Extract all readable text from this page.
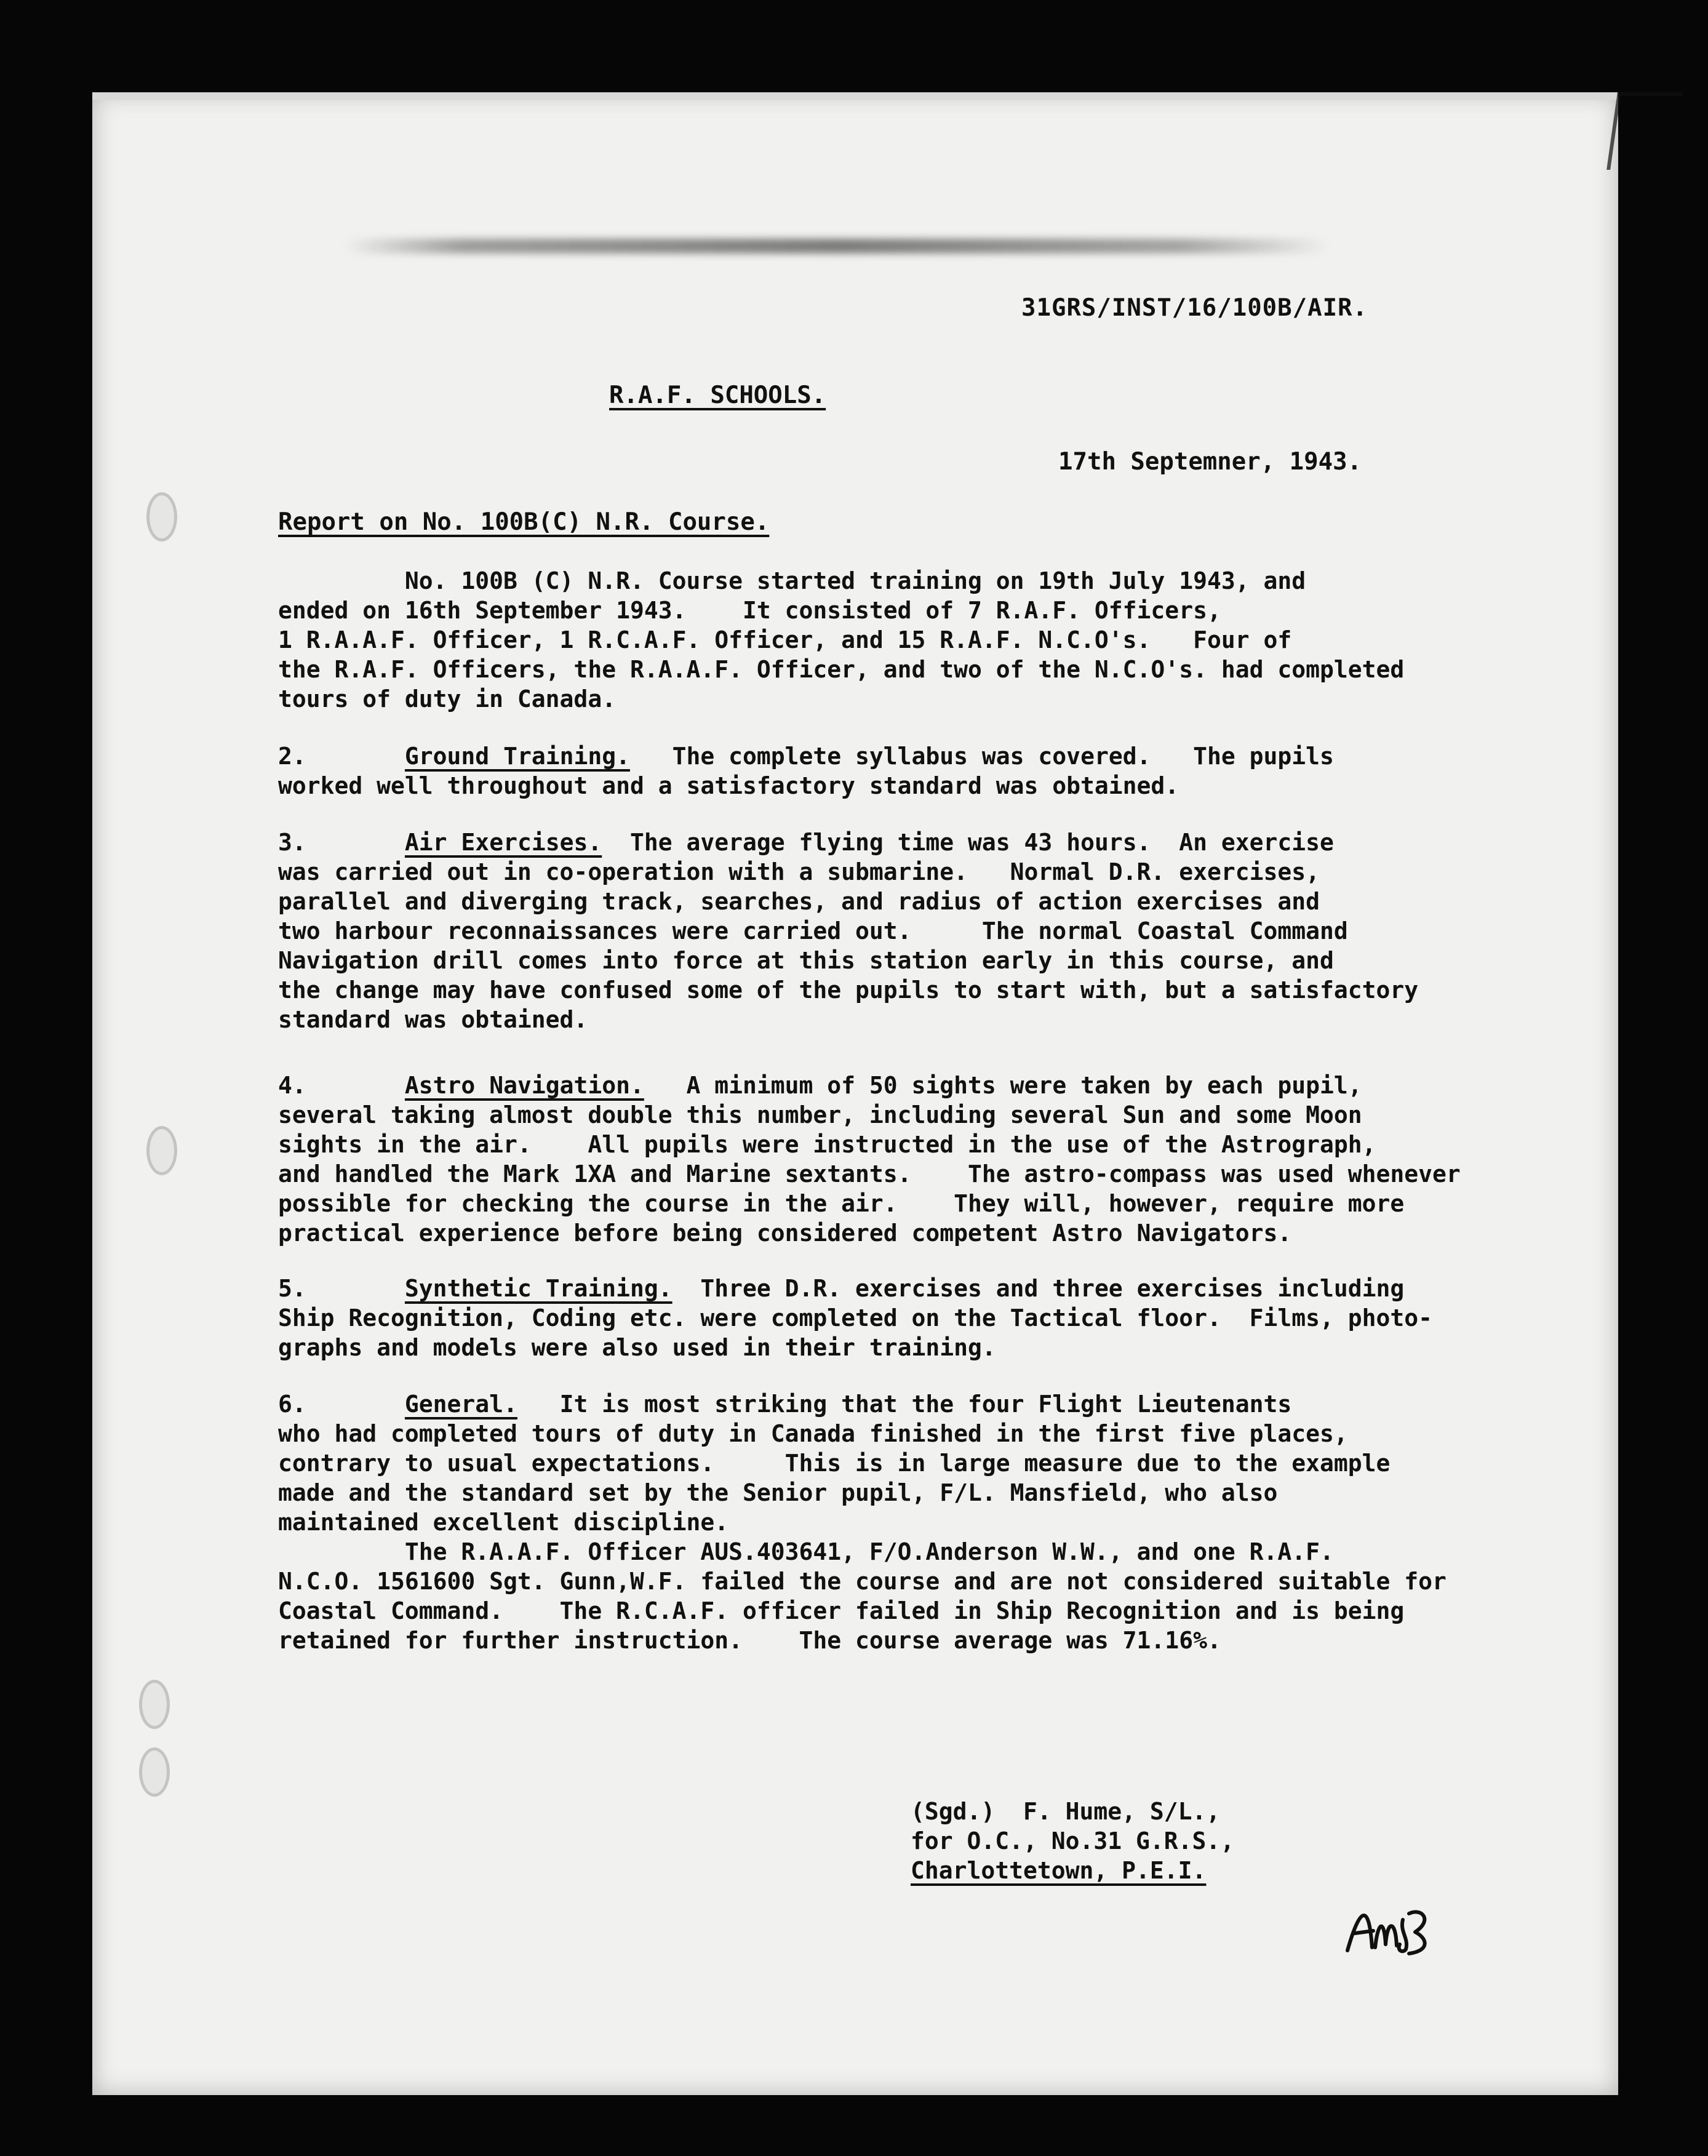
31GRS/INST/16/100B/AIR.
R.A.F. SCHOOLS.
17th Septemner, 1943.
Report on No. 100B(C) N.R. Course.
No. 100B (C) N.R. Course started training on 19th July 1943, and
ended on 16th September 1943.    It consisted of 7 R.A.F. Officers,
1 R.A.A.F. Officer, 1 R.C.A.F. Officer, and 15 R.A.F. N.C.O's.   Four of
the R.A.F. Officers, the R.A.A.F. Officer, and two of the N.C.O's. had completed
tours of duty in Canada.
2.	Ground Training.   The complete syllabus was covered.   The pupils
worked well throughout and a satisfactory standard was obtained.
3.	Air Exercises.  The average flying time was 43 hours.  An exercise
was carried out in co-operation with a submarine.   Normal D.R. exercises,
parallel and diverging track, searches, and radius of action exercises and
two harbour reconnaissances were carried out.     The normal Coastal Command
Navigation drill comes into force at this station early in this course, and
the change may have confused some of the pupils to start with, but a satisfactory
standard was obtained.
4.	Astro Navigation.   A minimum of 50 sights were taken by each pupil,
several taking almost double this number, including several Sun and some Moon
sights in the air.    All pupils were instructed in the use of the Astrograph,
and handled the Mark 1XA and Marine sextants.    The astro-compass was used whenever
possible for checking the course in the air.    They will, however, require more
practical experience before being considered competent Astro Navigators.
5.	Synthetic Training.  Three D.R. exercises and three exercises including
Ship Recognition, Coding etc. were completed on the Tactical floor.  Films, photo-
graphs and models were also used in their training.
6.	General.   It is most striking that the four Flight Lieutenants
who had completed tours of duty in Canada finished in the first five places,
contrary to usual expectations.     This is in large measure due to the example
made and the standard set by the Senior pupil, F/L. Mansfield, who also
maintained excellent discipline.
The R.A.A.F. Officer AUS.403641, F/O.Anderson W.W., and one R.A.F.
N.C.O. 1561600 Sgt. Gunn,W.F. failed the course and are not considered suitable for
Coastal Command.    The R.C.A.F. officer failed in Ship Recognition and is being
retained for further instruction.    The course average was 71.16%.
(Sgd.)  F. Hume, S/L.,
for O.C., No.31 G.R.S.,
Charlottetown, P.E.I.
